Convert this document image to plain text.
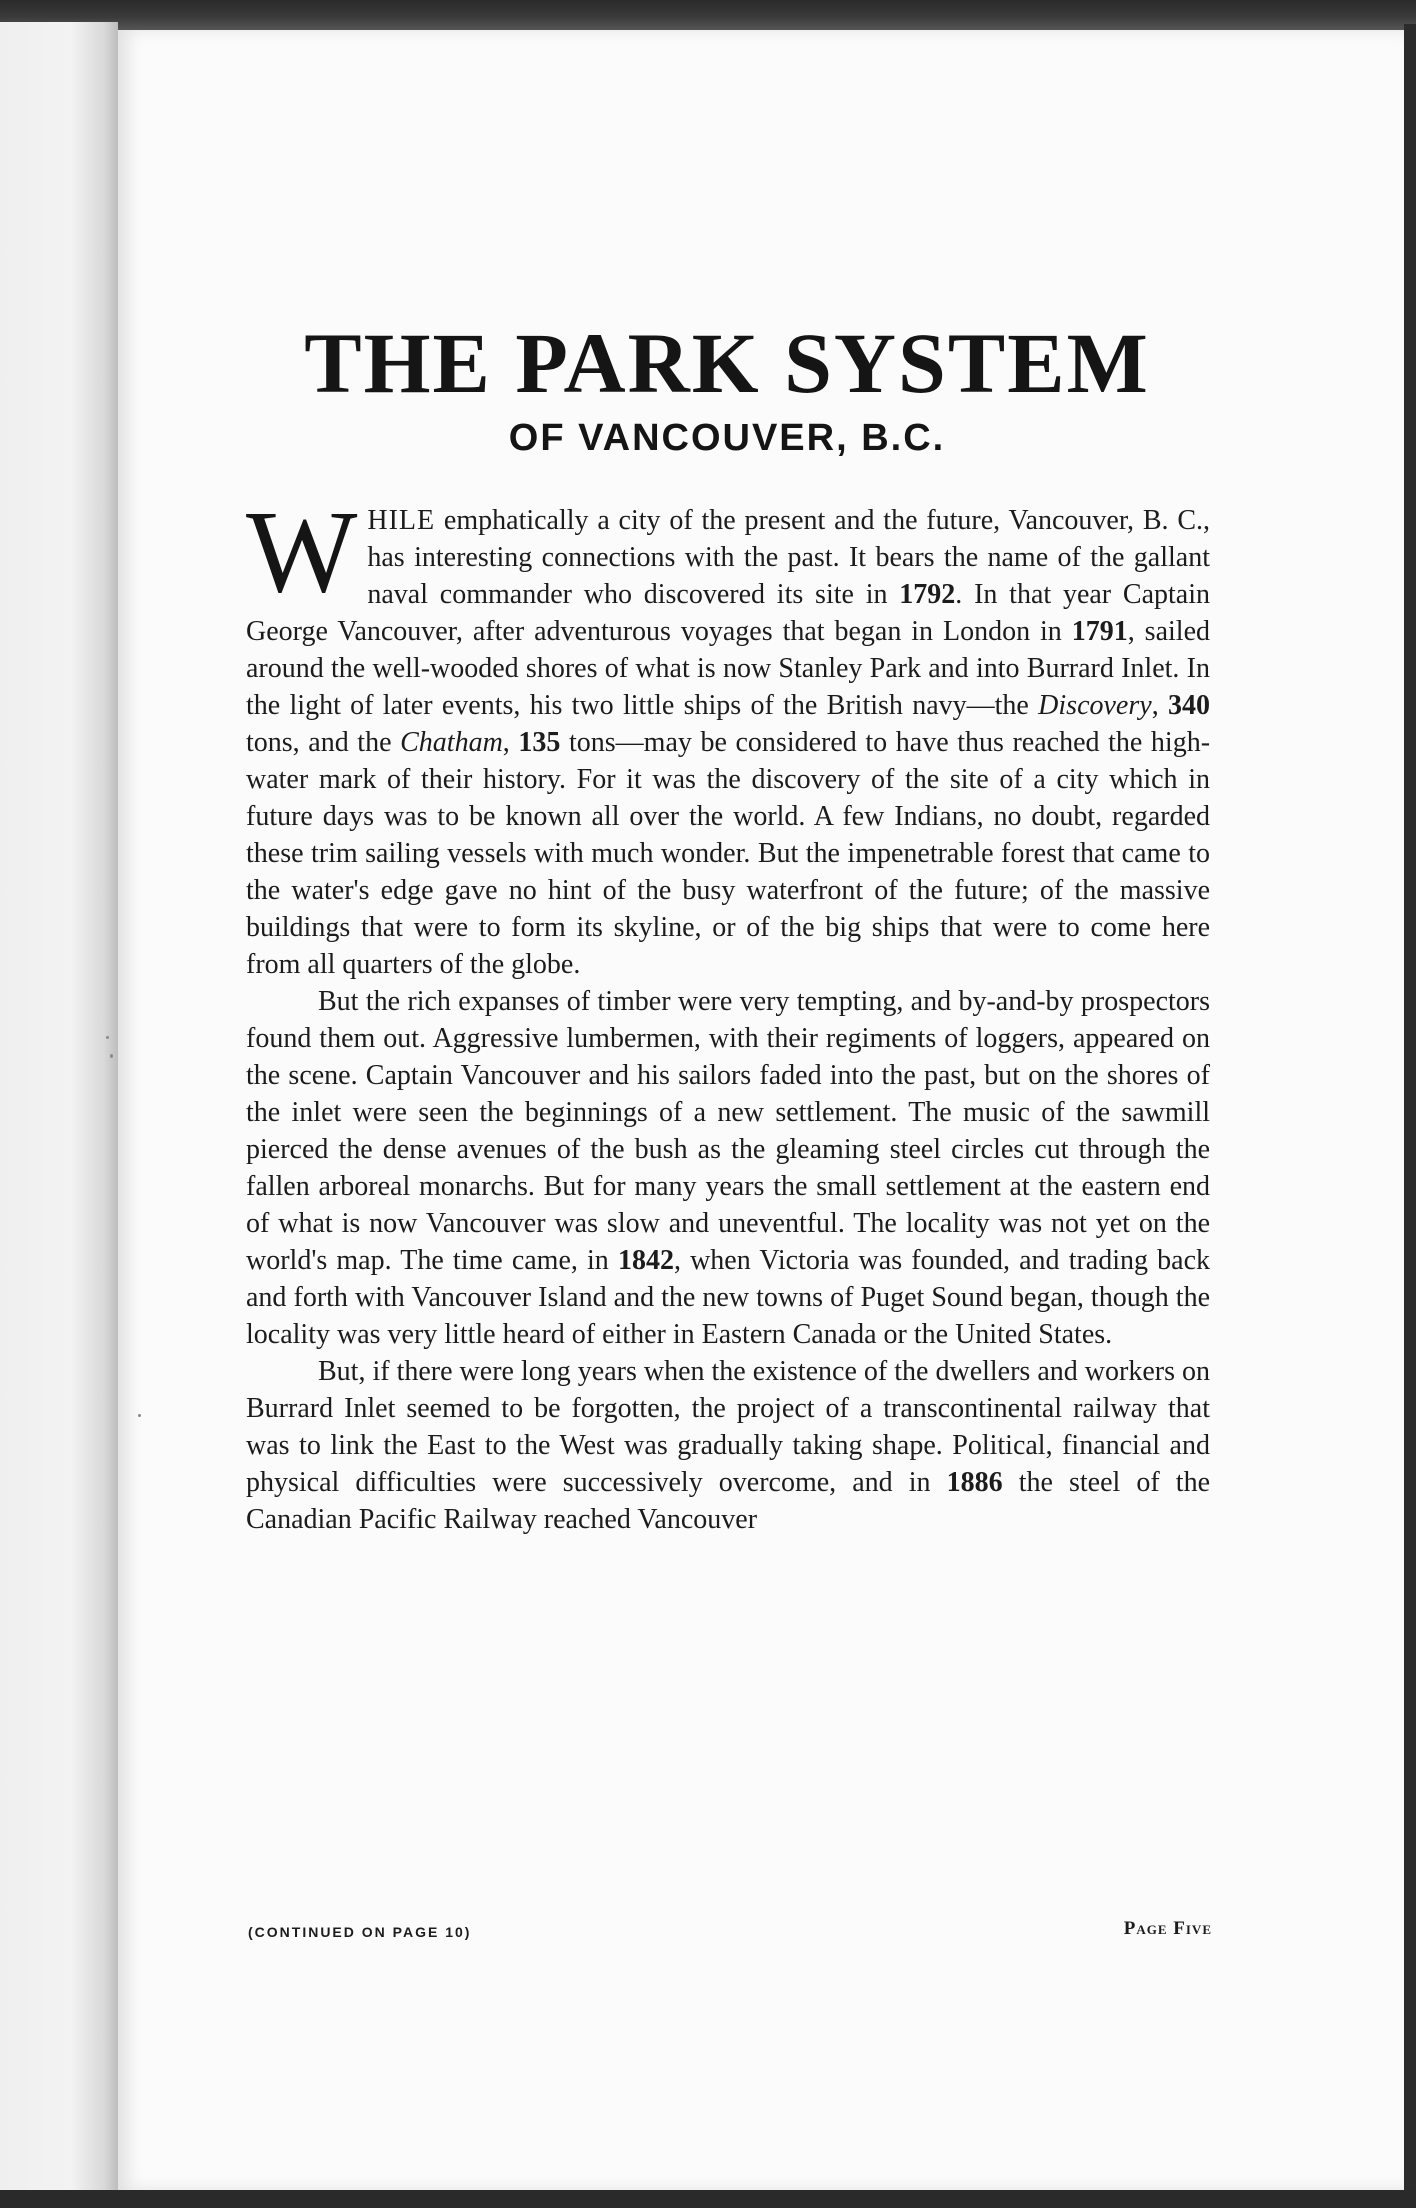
THE PARK SYSTEM
OF VANCOUVER, B.C.

WHILE emphatically a city of the present and the future, Vancouver, B. C., has interesting connections with the past. It bears the name of the gallant naval commander who discovered its site in 1792. In that year Captain George Vancouver, after adventurous voyages that began in London in 1791, sailed around the well-wooded shores of what is now Stanley Park and into Burrard Inlet. In the light of later events, his two little ships of the British navy—the Discovery, 340 tons, and the Chatham, 135 tons—may be considered to have thus reached the high-water mark of their history. For it was the discovery of the site of a city which in future days was to be known all over the world. A few Indians, no doubt, regarded these trim sailing vessels with much wonder. But the impenetrable forest that came to the water's edge gave no hint of the busy waterfront of the future; of the massive buildings that were to form its skyline, or of the big ships that were to come here from all quarters of the globe.

But the rich expanses of timber were very tempting, and by-and-by prospectors found them out. Aggressive lumbermen, with their regiments of loggers, appeared on the scene. Captain Vancouver and his sailors faded into the past, but on the shores of the inlet were seen the beginnings of a new settlement. The music of the sawmill pierced the dense avenues of the bush as the gleaming steel circles cut through the fallen arboreal monarchs. But for many years the small settlement at the eastern end of what is now Vancouver was slow and uneventful. The locality was not yet on the world's map. The time came, in 1842, when Victoria was founded, and trading back and forth with Vancouver Island and the new towns of Puget Sound began, though the locality was very little heard of either in Eastern Canada or the United States.

But, if there were long years when the existence of the dwellers and workers on Burrard Inlet seemed to be forgotten, the project of a transcontinental railway that was to link the East to the West was gradually taking shape. Political, financial and physical difficulties were successively overcome, and in 1886 the steel of the Canadian Pacific Railway reached Vancouver

(CONTINUED ON PAGE 10)	Page Five
